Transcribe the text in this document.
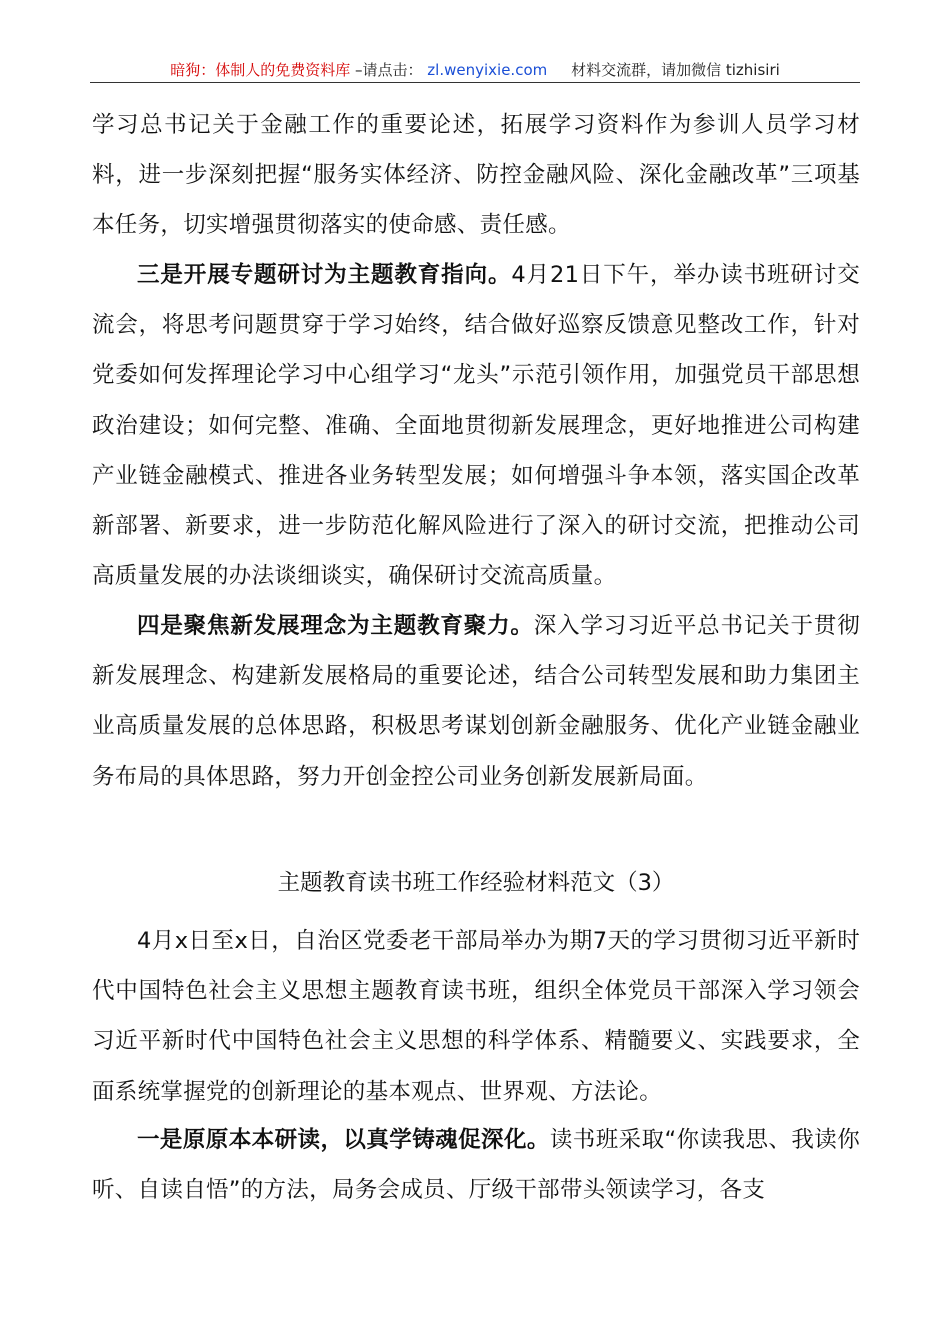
暗狗：体制人的免费资料库 –请点击： zl.wenyixie.com 材料交流群，请加微信 tizhisiri

学习总书记关于金融工作的重要论述，拓展学习资料作为参训人员学习材料，进一步深刻把握“服务实体经济、防控金融风险、深化金融改革”三项基本任务，切实增强贯彻落实的使命感、责任感。

三是开展专题研讨为主题教育指向。4月21日下午，举办读书班研讨交流会，将思考问题贯穿于学习始终，结合做好巡察反馈意见整改工作，针对党委如何发挥理论学习中心组学习“龙头”示范引领作用，加强党员干部思想政治建设；如何完整、准确、全面地贯彻新发展理念，更好地推进公司构建产业链金融模式、推进各业务转型发展；如何增强斗争本领，落实国企改革新部署、新要求，进一步防范化解风险进行了深入的研讨交流，把推动公司高质量发展的办法谈细谈实，确保研讨交流高质量。

四是聚焦新发展理念为主题教育聚力。深入学习习近平总书记关于贯彻新发展理念、构建新发展格局的重要论述，结合公司转型发展和助力集团主业高质量发展的总体思路，积极思考谋划创新金融服务、优化产业链金融业务布局的具体思路，努力开创金控公司业务创新发展新局面。

主题教育读书班工作经验材料范文（3）

4月x日至x日，自治区党委老干部局举办为期7天的学习贯彻习近平新时代中国特色社会主义思想主题教育读书班，组织全体党员干部深入学习领会习近平新时代中国特色社会主义思想的科学体系、精髓要义、实践要求，全面系统掌握党的创新理论的基本观点、世界观、方法论。

一是原原本本研读，以真学铸魂促深化。读书班采取“你读我思、我读你听、自读自悟”的方法，局务会成员、厅级干部带头领读学习，各支
